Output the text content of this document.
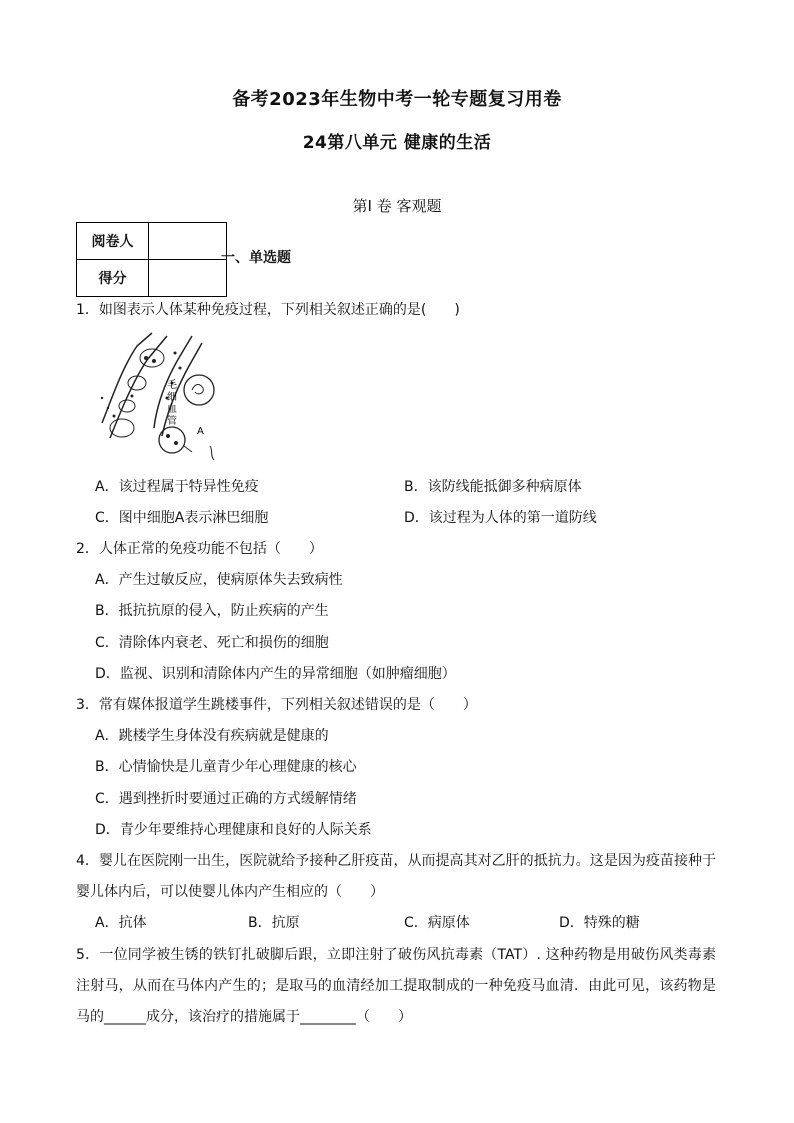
备考2023年生物中考一轮专题复习用卷
24第八单元 健康的生活
第Ⅰ 卷 客观题
阅卷人	
得分	
一、单选题
1．如图表示人体某种免疫过程，下列相关叙述正确的是(　　)
毛
细
血
管
A
A．该过程属于特异性免疫	B．该防线能抵御多种病原体
C．图中细胞A表示淋巴细胞	D．该过程为人体的第一道防线
2．人体正常的免疫功能不包括（　　）
A．产生过敏反应，使病原体失去致病性
B．抵抗抗原的侵入，防止疾病的产生
C．清除体内衰老、死亡和损伤的细胞
D．监视、识别和清除体内产生的异常细胞（如肿瘤细胞）
3．常有媒体报道学生跳楼事件，下列相关叙述错误的是（　　）
A．跳楼学生身体没有疾病就是健康的
B．心情愉快是儿童青少年心理健康的核心
C．遇到挫折时要通过正确的方式缓解情绪
D．青少年要维持心理健康和良好的人际关系
4．婴儿在医院刚一出生，医院就给予接种乙肝疫苗，从而提高其对乙肝的抵抗力。这是因为疫苗接种于婴儿体内后，可以使婴儿体内产生相应的（　　）
A．抗体	B．抗原	C．病原体	D．特殊的糖
5．一位同学被生锈的铁钉扎破脚后跟，立即注射了破伤风抗毒素（TAT）. 这种药物是用破伤风类毒素注射马，从而在马体内产生的；是取马的血清经加工提取制成的一种免疫马血清．由此可见，该药物是马的______成分，该治疗的措施属于________（　　）
